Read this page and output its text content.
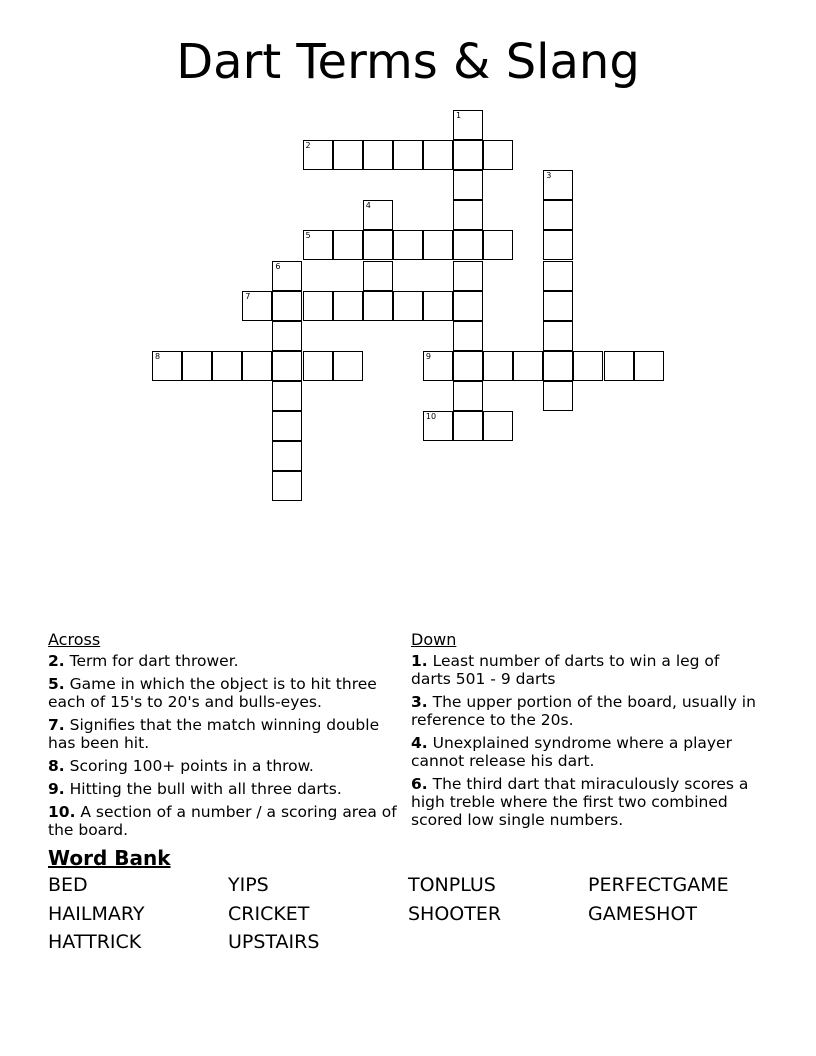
Dart Terms & Slang
1
2
3
4
5
6
7
8	9
10
Across
2. Term for dart thrower.
5. Game in which the object is to hit three each of 15's to 20's and bulls-eyes.
7. Signifies that the match winning double has been hit.
8. Scoring 100+ points in a throw.
9. Hitting the bull with all three darts.
10. A section of a number / a scoring area of the board.
Down
1. Least number of darts to win a leg of darts 501 - 9 darts
3. The upper portion of the board, usually in reference to the 20s.
4. Unexplained syndrome where a player cannot release his dart.
6. The third dart that miraculously scores a high treble where the first two combined scored low single numbers.
Word Bank
BED	YIPS	TONPLUS	PERFECTGAME
HAILMARY	CRICKET	SHOOTER	GAMESHOT
HATTRICK	UPSTAIRS
